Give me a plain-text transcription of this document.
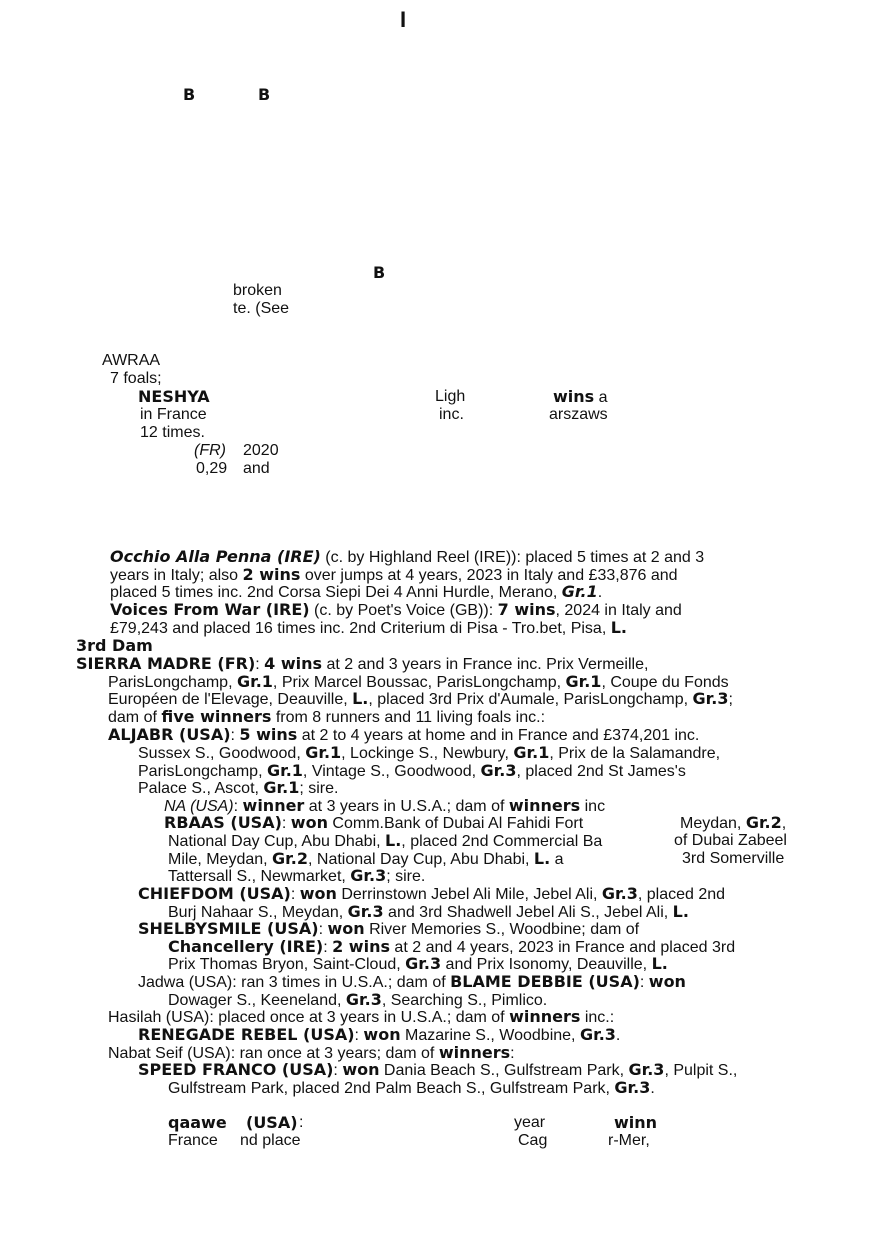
I
B	B
B
broken
te. (See
AWRAA
7 foals;
NESHYA	Ligh	wins a
in France	inc.	arszaws
12 times.
(FR) 2020
0,29 and
Occhio Alla Penna (IRE) (c. by Highland Reel (IRE)): placed 5 times at 2 and 3
years in Italy; also 2 wins over jumps at 4 years, 2023 in Italy and £33,876 and
placed 5 times inc. 2nd Corsa Siepi Dei 4 Anni Hurdle, Merano, Gr.1.
Voices From War (IRE) (c. by Poet's Voice (GB)): 7 wins, 2024 in Italy and
£79,243 and placed 16 times inc. 2nd Criterium di Pisa - Tro.bet, Pisa, L.
3rd Dam
SIERRA MADRE (FR): 4 wins at 2 and 3 years in France inc. Prix Vermeille,
ParisLongchamp, Gr.1, Prix Marcel Boussac, ParisLongchamp, Gr.1, Coupe du Fonds
Européen de l'Elevage, Deauville, L., placed 3rd Prix d'Aumale, ParisLongchamp, Gr.3;
dam of five winners from 8 runners and 11 living foals inc.:
ALJABR (USA): 5 wins at 2 to 4 years at home and in France and £374,201 inc.
Sussex S., Goodwood, Gr.1, Lockinge S., Newbury, Gr.1, Prix de la Salamandre,
ParisLongchamp, Gr.1, Vintage S., Goodwood, Gr.3, placed 2nd St James's
Palace S., Ascot, Gr.1; sire.
NA (USA): winner at 3 years in U.S.A.; dam of winners inc
RBAAS (USA): won Comm.Bank of Dubai Al Fahidi Fort	Meydan, Gr.2,
National Day Cup, Abu Dhabi, L., placed 2nd Commercial Ba	of Dubai Zabeel
Mile, Meydan, Gr.2, National Day Cup, Abu Dhabi, L. a	3rd Somerville
Tattersall S., Newmarket, Gr.3; sire.
CHIEFDOM (USA): won Derrinstown Jebel Ali Mile, Jebel Ali, Gr.3, placed 2nd
Burj Nahaar S., Meydan, Gr.3 and 3rd Shadwell Jebel Ali S., Jebel Ali, L.
SHELBYSMILE (USA): won River Memories S., Woodbine; dam of
Chancellery (IRE): 2 wins at 2 and 4 years, 2023 in France and placed 3rd
Prix Thomas Bryon, Saint-Cloud, Gr.3 and Prix Isonomy, Deauville, L.
Jadwa (USA): ran 3 times in U.S.A.; dam of BLAME DEBBIE (USA): won
Dowager S., Keeneland, Gr.3, Searching S., Pimlico.
Hasilah (USA): placed once at 3 years in U.S.A.; dam of winners inc.:
RENEGADE REBEL (USA): won Mazarine S., Woodbine, Gr.3.
Nabat Seif (USA): ran once at 3 years; dam of winners:
SPEED FRANCO (USA): won Dania Beach S., Gulfstream Park, Gr.3, Pulpit S.,
Gulfstream Park, placed 2nd Palm Beach S., Gulfstream Park, Gr.3.
qaawe (USA) :	year	winn
France nd place	Cag	r-Mer,
